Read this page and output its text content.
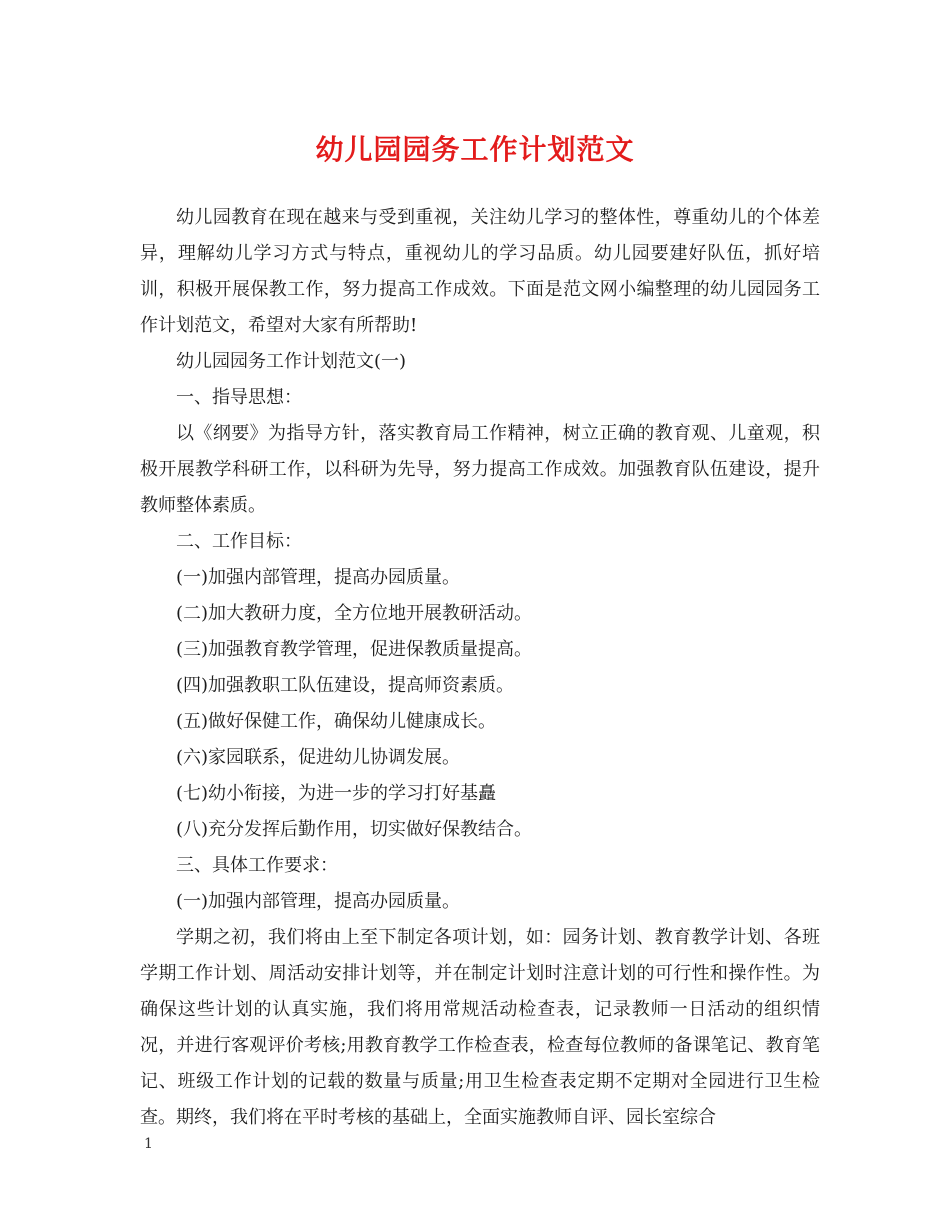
幼儿园园务工作计划范文

幼儿园教育在现在越来与受到重视，关注幼儿学习的整体性，尊重幼儿的个体差异，理解幼儿学习方式与特点，重视幼儿的学习品质。幼儿园要建好队伍，抓好培训，积极开展保教工作，努力提高工作成效。下面是范文网小编整理的幼儿园园务工作计划范文，希望对大家有所帮助!

幼儿园园务工作计划范文(一)

一、指导思想：

以《纲要》为指导方针，落实教育局工作精神，树立正确的教育观、儿童观，积极开展教学科研工作，以科研为先导，努力提高工作成效。加强教育队伍建设，提升教师整体素质。

二、工作目标：

(一)加强内部管理，提高办园质量。

(二)加大教研力度，全方位地开展教研活动。

(三)加强教育教学管理，促进保教质量提高。

(四)加强教职工队伍建设，提高师资素质。

(五)做好保健工作，确保幼儿健康成长。

(六)家园联系，促进幼儿协调发展。

(七)幼小衔接，为进一步的学习打好基矗

(八)充分发挥后勤作用，切实做好保教结合。

三、具体工作要求：

(一)加强内部管理，提高办园质量。

学期之初，我们将由上至下制定各项计划，如：园务计划、教育教学计划、各班学期工作计划、周活动安排计划等，并在制定计划时注意计划的可行性和操作性。为确保这些计划的认真实施，我们将用常规活动检查表，记录教师一日活动的组织情况，并进行客观评价考核;用教育教学工作检查表，检查每位教师的备课笔记、教育笔记、班级工作计划的记载的数量与质量;用卫生检查表定期不定期对全园进行卫生检查。期终，我们将在平时考核的基础上，全面实施教师自评、园长室综合

1
